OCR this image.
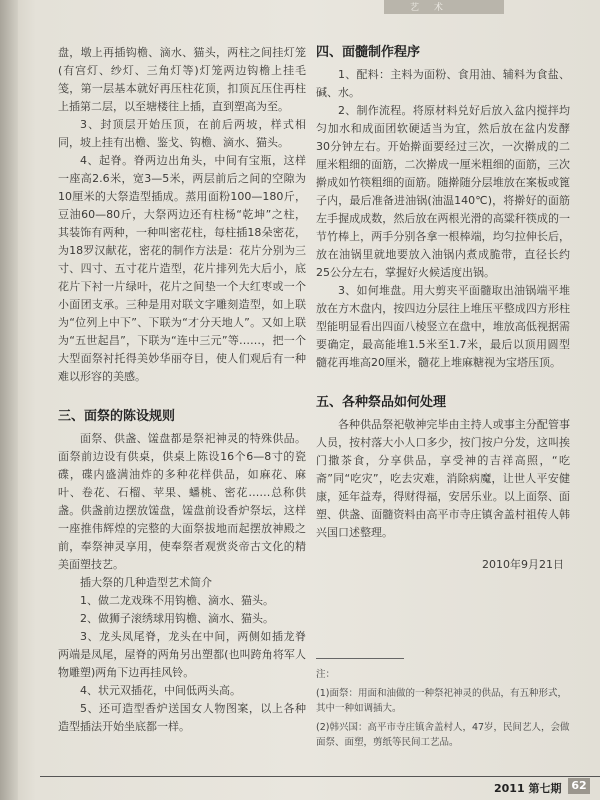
艺 术

盘，墩上再插钩檐、滴水、猫头，两柱之间挂灯笼(有宫灯、纱灯、三角灯等)灯笼两边钩檐上挂毛笺，第一层基本就好再压柱花顶，扣顶瓦压住再柱上插第二层，以至塘楼往上插，直到塑高为至。

3、封顶层开始压顶，在前后两坡，样式相同，坡上挂有出檐、鉴戈、钩檐、滴水、猫头。

4、起脊。脊两边出角头，中间有宝瓶，这样一座高2.6米，宽3—5米，两层前后之间的空隙为10厘米的大祭造型插成。蒸用面粉100—180斤，豆油60—80斤，大祭两边还有柱杨“乾坤”之柱，其装饰有两种，一种叫密花柱，每柱插18朵密花，为18罗汉献花，密花的制作方法是：花片分别为三寸、四寸、五寸花片造型，花片排列先大后小，底花片下衬一片绿叶，花片之间垫一个大红枣或一个小面团支承。三种是用对联文字雕刻造型，如上联为“位列上中下”、下联为“才分天地人”。又如上联为“五世起昌”，下联为“连中三元”等……，把一个大型面祭衬托得美妙华丽夺目，使人们观后有一种难以形容的美感。

三、面祭的陈设规则

面祭、供盏、馐盘都是祭祀神灵的特殊供品。面祭前边设有供桌，供桌上陈设16个6—8寸的瓷碟，碟内盛满油炸的多种花样供品，如麻花、麻叶、卷花、石榴、苹果、蟠桃、密花……总称供盏。供盏前边摆放馐盘，馐盘前设香炉祭坛，这样一座推伟辉煌的完整的大面祭拔地而起摆放神殿之前，奉祭神灵享用，使奉祭者观赏炎帝古文化的精美面塑技艺。

插大祭的几种造型艺术简介

1、做二龙戏珠不用钩檐、滴水、猫头。

2、做狮子滚绣球用钩檐、滴水、猫头。

3、龙头凤尾脊，龙头在中间，两侧如插龙脊两端是凤尾，屋脊的两角另出塑都(也叫跨角将军人物雕塑)两角下边再挂风铃。

4、状元双插花，中间低两头高。

5、还可造型香炉送国女人物图案，以上各种造型插法开始坐底都一样。

四、面髓制作程序

1、配料：主料为面粉、食用油、辅料为食盐、碱、水。

2、制作流程。将原材料兑好后放入盆内搅拌均匀加水和成面团软硬适当为宜，然后放在盆内发酵30分钟左右。开始擀面要经过三次，一次擀成的二厘米粗细的面筋，二次擀成一厘米粗细的面筋，三次擀成如竹筷粗细的面筋。随擀随分层堆放在案板或篦子内，最后准备进油锅(油温140℃)，将擀好的面筋左手握成成数，然后放在两根光滑的高粱秆筷成的一节竹棒上，两手分别各拿一根棒端，均匀拉伸长后，放在油锅里就地要放入油锅内煮成脆带，直径长约25公分左右，掌握好火候适度出锅。

3、如何堆盘。用大剪夹平面髓取出油锅端平堆放在方木盘内，按四边分层往上堆压平整成四方形柱型能明显看出四面八棱竖立在盘中，堆放高低视据需要确定，最高能堆1.5米至1.7米，最后以顶用圆型髓花再堆高20厘米，髓花上堆麻糖视为宝塔压顶。

五、各种祭品如何处理

各种供品祭祀敬神完毕由主持人或事主分配管事人员，按村落大小人口多少，按门按户分发，这叫挨门撒茶食，分享供品，享受神的吉祥高照，“吃斋”同“吃灾”，吃去灾难，消除病魔，让世人平安健康，延年益寿，得财得福，安居乐业。以上面祭、面塑、供盏、面髓资料由高平市寺庄镇舍盖村祖传人韩兴国口述整理。

2010年9月21日

注：

(1)面祭：用面和油做的一种祭祀神灵的供品，有五种形式，其中一种如调插大。

(2)韩兴国：高平市寺庄镇舍盖村人，47岁，民间艺人，会做面祭、面塑，剪纸等民间工艺品。

2011 第七期 62
